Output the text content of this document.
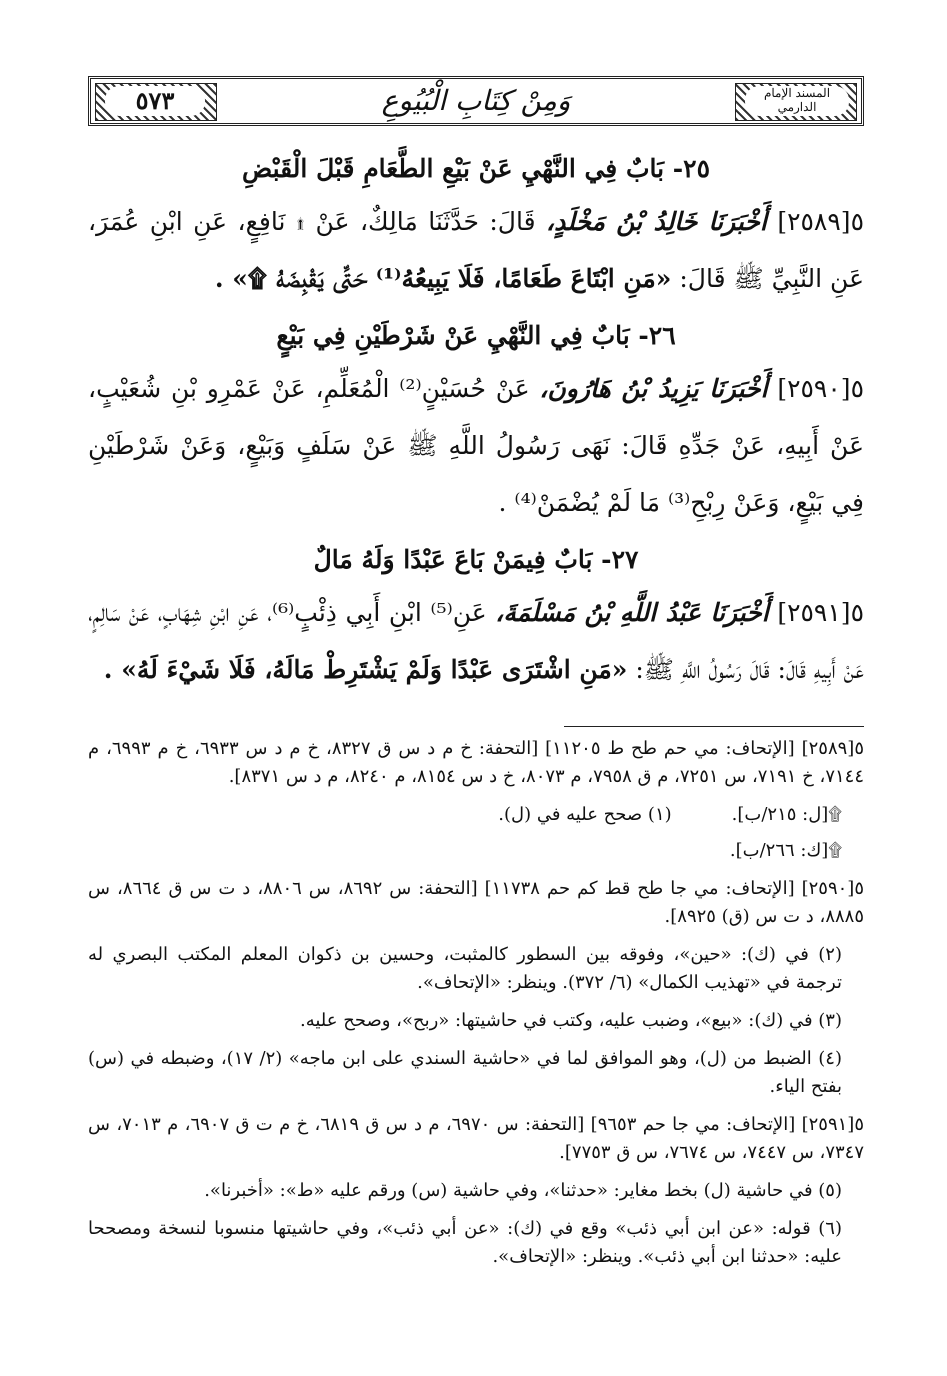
٥٧٣	المسند الإمام الدارمي
وَمِنْ كِتَابِ الْبُيُوعِ
٢٥- بَابٌ فِي النَّهْيِ عَنْ بَيْعِ الطَّعَامِ قَبْلَ الْقَبْضِ

٥[٢٥٨٩] أَخْبَرَنَا خَالِدُ بْنُ مَخْلَدٍ، قَالَ: حَدَّثَنَا مَالِكٌ، عَنْ ۩ نَافِعٍ، عَنِ ابْنِ عُمَرَ، عَنِ النَّبِيِّ ﷺ قَالَ: «مَنِ ابْتَاعَ طَعَامًا، فَلَا يَبِيعُهُ⁽¹⁾ حَتَّى يَقْبِضَهُ ۩» .

٢٦- بَابٌ فِي النَّهْيِ عَنْ شَرْطَيْنِ فِي بَيْعٍ

٥[٢٥٩٠] أَخْبَرَنَا يَزِيدُ بْنُ هَارُونَ، عَنْ حُسَيْنٍ⁽²⁾ الْمُعَلِّمِ، عَنْ عَمْرِو بْنِ شُعَيْبٍ، عَنْ أَبِيهِ، عَنْ جَدِّهِ قَالَ: نَهَى رَسُولُ اللَّهِ ﷺ عَنْ سَلَفٍ وَبَيْعٍ، وَعَنْ شَرْطَيْنِ فِي بَيْعٍ، وَعَنْ رِبْحِ⁽³⁾ مَا لَمْ يُضْمَنْ⁽⁴⁾ .

٢٧- بَابٌ فِيمَنْ بَاعَ عَبْدًا وَلَهُ مَالٌ

٥[٢٥٩١] أَخْبَرَنَا عَبْدُ اللَّهِ بْنُ مَسْلَمَةَ، عَنِ⁽⁵⁾ ابْنِ أَبِي ذِئْبٍ⁽⁶⁾، عَنِ ابْنِ شِهَابٍ، عَنْ سَالِمٍ، عَنْ أَبِيهِ قَالَ: قَالَ رَسُولُ اللَّهِ ﷺ: «مَنِ اشْتَرَى عَبْدًا وَلَمْ يَشْتَرِطْ مَالَهُ، فَلَا شَيْءَ لَهُ» .

٥[٢٥٨٩] [الإتحاف: مي حم طح ط ١١٢٠٥] [التحفة: خ م د س ق ٨٣٢٧، خ م د س ٦٩٣٣، خ م ٦٩٩٣، م ٧١٤٤، خ ٧١٩١، س ٧٢٥١، م ق ٧٩٥٨، م ٨٠٧٣، خ د س ٨١٥٤، م ٨٢٤٠، م د س ٨٣٧١].

۩[ل: ٢١٥/ب].
(١) صحح عليه في (ل).

۩[ك: ٢٦٦/ب].

٥[٢٥٩٠] [الإتحاف: مي جا طح قط كم حم ١١٧٣٨] [التحفة: س ٨٦٩٢، س ٨٨٠٦، د ت س ق ٨٦٦٤، س ٨٨٨٥، د ت س (ق) ٨٩٢٥].

(٢) في (ك): «حين»، وفوقه بين السطور كالمثبت، وحسين بن ذكوان المعلم المكتب البصري له ترجمة في «تهذيب الكمال» (٦/ ٣٧٢). وينظر: «الإتحاف».

(٣) في (ك): «بيع»، وضبب عليه، وكتب في حاشيتها: «ربح»، وصحح عليه.

(٤) الضبط من (ل)، وهو الموافق لما في «حاشية السندي على ابن ماجه» (٢/ ١٧)، وضبطه في (س) بفتح الياء.

٥[٢٥٩١] [الإتحاف: مي جا حم ٩٦٥٣] [التحفة: س ٦٩٧٠، م د س ق ٦٨١٩، خ م ت ق ٦٩٠٧، م ٧٠١٣، س ٧٣٤٧، س ٧٤٤٧، س ٧٦٧٤، س ق ٧٧٥٣].

(٥) في حاشية (ل) بخط مغاير: «حدثنا»، وفي حاشية (س) ورقم عليه «ط»: «أخبرنا».

(٦) قوله: «عن ابن أبي ذئب» وقع في (ك): «عن أبي ذئب»، وفي حاشيتها منسوبا لنسخة ومصححا عليه: «حدثنا ابن أبي ذئب». وينظر: «الإتحاف».
